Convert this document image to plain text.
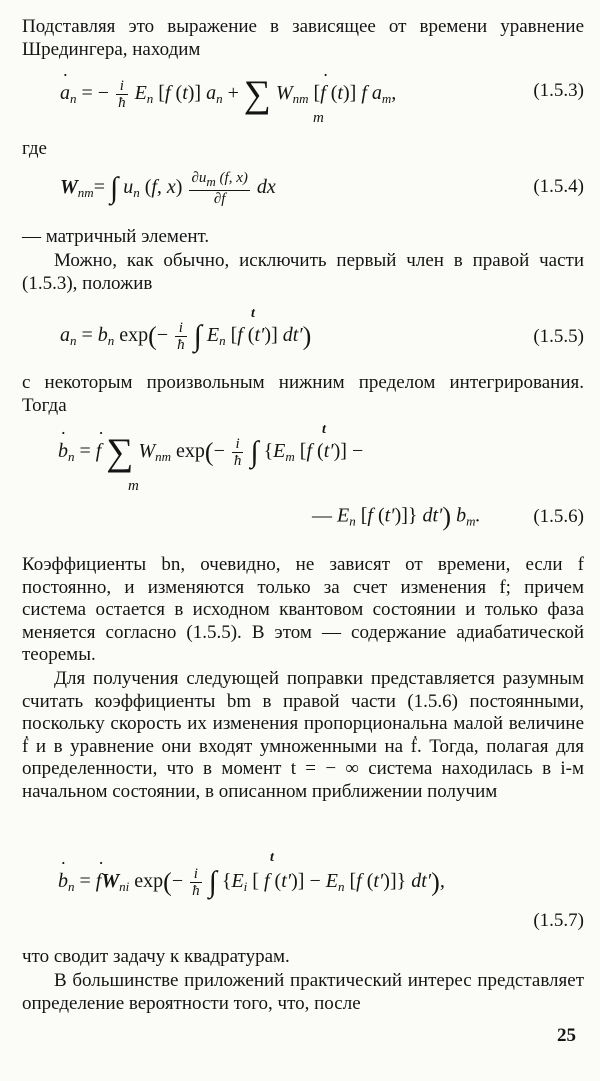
Подставляя это выражение в зависящее от времени уравнение Шредингера, находим

˙ $a_n$ = − $\frac{i}{ħ} E_n$ [f (t)] $a_n$ + ∑ $W_{nm}$ [˙ f (t)] f $a_m$,
m
(1.5.3)

где

$W_{nm}=$ ∫ $u_n$ (f, $x) \frac{\partial um (f, x)}{\partial f}$ dx	(1.5.4)

— матричный элемент.

Можно, как обычно, исключить первый член в правой части (1.5.3), положив

$a_n = b_n$ $\exp(- \frac{i}{ħ}$ ∫ $E_n$ [f (t′)] dt′)
t
(1.5.5)

с некоторым произвольным нижним пределом интегрирования. Тогда

˙ $b_n$ = ˙ f ∑ $W_{nm}$ $\exp(- \frac{i}{ħ}$ ∫ {$E_m$ [f (t′)] −
t
m
— $E_n$ [f (t′)]} dt′) $b_m$.	(1.5.6)

Коэффициенты bn, очевидно, не зависят от времени, если f постоянно, и изменяются только за счет изменения f; причем система остается в исходном квантовом состоянии и только фаза меняется согласно (1.5.5). В этом — содержание адиабатической теоремы.

Для получения следующей поправки представляется разумным считать коэффициенты bm в правой части (1.5.6) постоянными, поскольку скорость их изменения пропорциональна малой величине ḟ и в уравнение они входят умноженными на ḟ. Тогда, полагая для определенности, что в момент t = − ∞ система находилась в i-м начальном состоянии, в описанном приближении получим

˙ $b_n$ = ˙ $fW_{ni}$ $\exp(- \frac{i}{ħ}$ ∫ {$E_i$ [ f $(t')] - E_n$ [f (t′)]} dt′),
t
(1.5.7)

что сводит задачу к квадратурам.

В большинстве приложений практический интерес представляет определение вероятности того, что, после

25
